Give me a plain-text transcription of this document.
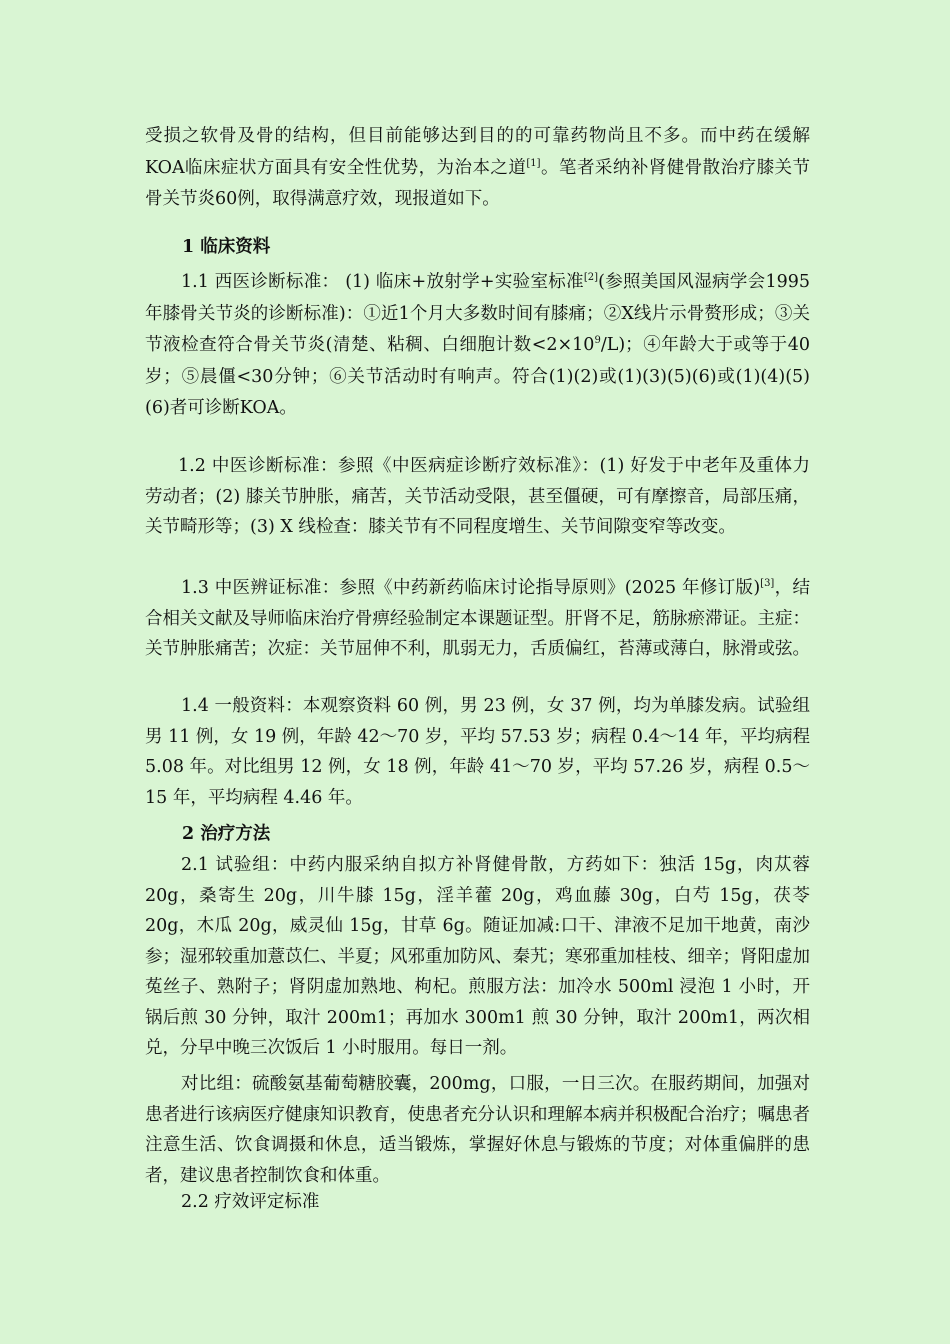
受损之软骨及骨的结构，但目前能够达到目的的可靠药物尚且不多。而中药在缓解KOA临床症状方面具有安全性优势，为治本之道[1]。笔者采纳补肾健骨散治疗膝关节骨关节炎60例，取得满意疗效，现报道如下。

1 临床资料

1.1 西医诊断标准： (1) 临床+放射学+实验室标准[2](参照美国风湿病学会1995年膝骨关节炎的诊断标准)：①近1个月大多数时间有膝痛；②X线片示骨赘形成；③关节液检查符合骨关节炎(清楚、粘稠、白细胞计数$<2\times 10^9/L$)；④年龄大于或等于40岁；⑤晨僵<30分钟；⑥关节活动时有响声。符合(1)(2)或(1)(3)(5)(6)或(1)(4)(5)(6)者可诊断KOA。

1.2 中医诊断标准：参照《中医病症诊断疗效标准》：(1) 好发于中老年及重体力劳动者；(2) 膝关节肿胀，痛苦，关节活动受限，甚至僵硬，可有摩擦音，局部压痛，关节畸形等；(3) X 线检查：膝关节有不同程度增生、关节间隙变窄等改变。

1.3 中医辨证标准：参照《中药新药临床讨论指导原则》(2025 年修订版)[3]，结合相关文献及导师临床治疗骨痹经验制定本课题证型。肝肾不足，筋脉瘀滞证。主症：关节肿胀痛苦；次症：关节屈伸不利，肌弱无力，舌质偏红，苔薄或薄白，脉滑或弦。

1.4 一般资料：本观察资料 60 例，男 23 例，女 37 例，均为单膝发病。试验组男 11 例，女 19 例，年龄 42～70 岁，平均 57.53 岁；病程 0.4～14 年，平均病程 5.08 年。对比组男 12 例，女 18 例，年龄 41～70 岁，平均 57.26 岁，病程 0.5～15 年，平均病程 4.46 年。

2 治疗方法

2.1 试验组：中药内服采纳自拟方补肾健骨散，方药如下：独活 15g，肉苁蓉 20g，桑寄生 20g，川牛膝 15g，淫羊藿 20g，鸡血藤 30g，白芍 15g，茯苓 20g，木瓜 20g，威灵仙 15g，甘草 6g。随证加减:口干、津液不足加干地黄，南沙参；湿邪较重加薏苡仁、半夏；风邪重加防风、秦艽；寒邪重加桂枝、细辛；肾阳虚加菟丝子、熟附子；肾阴虚加熟地、枸杞。煎服方法：加冷水 500ml 浸泡 1 小时，开锅后煎 30 分钟，取汁 200m1；再加水 300m1 煎 30 分钟，取汁 200m1，两次相兑，分早中晚三次饭后 1 小时服用。每日一剂。

对比组：硫酸氨基葡萄糖胶囊，200mg，口服，一日三次。在服药期间，加强对患者进行该病医疗健康知识教育，使患者充分认识和理解本病并积极配合治疗；嘱患者注意生活、饮食调摄和休息，适当锻炼，掌握好休息与锻炼的节度；对体重偏胖的患者，建议患者控制饮食和体重。

2.2 疗效评定标准
